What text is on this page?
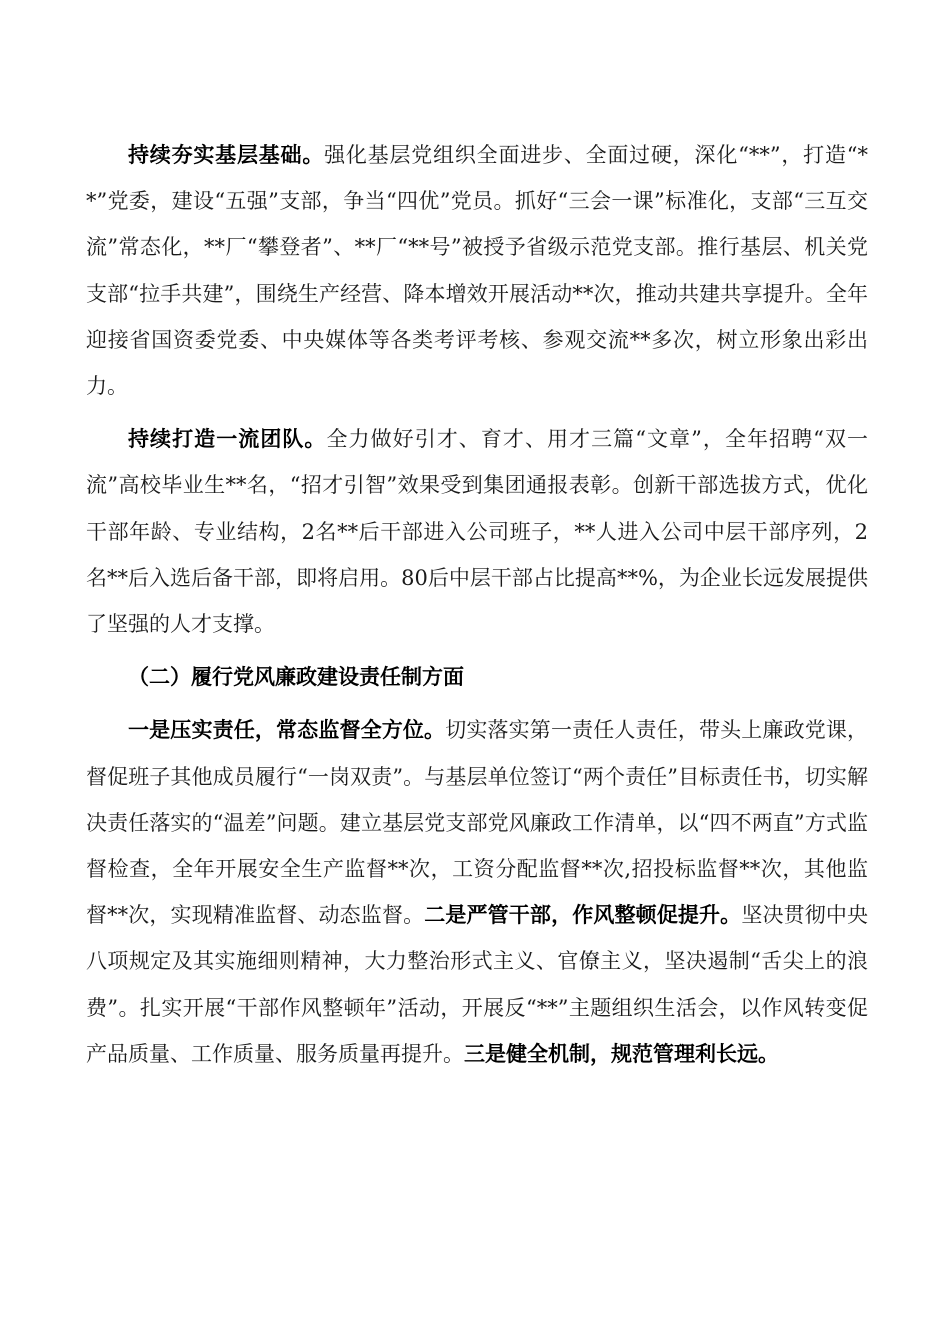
持续夯实基层基础。强化基层党组织全面进步、全面过硬，深化“**”，打造“**”党委，建设“五强”支部，争当“四优”党员。抓好“三会一课”标准化，支部“三互交流”常态化，**厂“攀登者”、**厂“**号”被授予省级示范党支部。推行基层、机关党支部“拉手共建”，围绕生产经营、降本增效开展活动**次，推动共建共享提升。全年迎接省国资委党委、中央媒体等各类考评考核、参观交流**多次，树立形象出彩出力。

持续打造一流团队。全力做好引才、育才、用才三篇“文章”，全年招聘“双一流”高校毕业生**名，“招才引智”效果受到集团通报表彰。创新干部选拔方式，优化干部年龄、专业结构，2名**后干部进入公司班子，**人进入公司中层干部序列，2名**后入选后备干部，即将启用。80后中层干部占比提高**%，为企业长远发展提供了坚强的人才支撑。

（二）履行党风廉政建设责任制方面

一是压实责任，常态监督全方位。切实落实第一责任人责任，带头上廉政党课，督促班子其他成员履行“一岗双责”。与基层单位签订“两个责任”目标责任书，切实解决责任落实的“温差”问题。建立基层党支部党风廉政工作清单，以“四不两直”方式监督检查，全年开展安全生产监督**次，工资分配监督**次,招投标监督**次，其他监督**次，实现精准监督、动态监督。二是严管干部，作风整顿促提升。坚决贯彻中央八项规定及其实施细则精神，大力整治形式主义、官僚主义，坚决遏制“舌尖上的浪费”。扎实开展“干部作风整顿年”活动，开展反“**”主题组织生活会，以作风转变促产品质量、工作质量、服务质量再提升。三是健全机制，规范管理利长远。
